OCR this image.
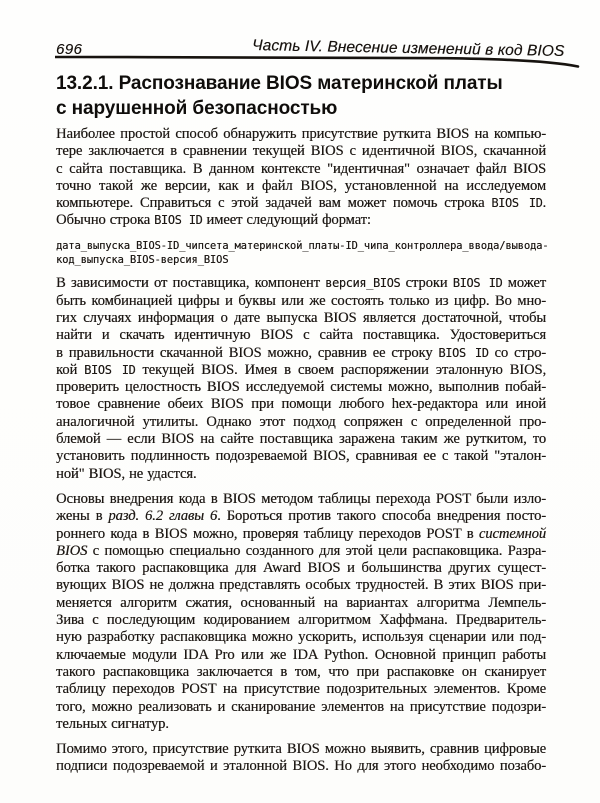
696	Часть IV. Внесение изменений в код BIOS
13.2.1. Распознавание BIOS материнской платы
с нарушенной безопасностью
Наиболее простой способ обнаружить присутствие руткита BIOS на компью-
тере заключается в сравнении текущей BIOS с идентичной BIOS, скачанной
с сайта поставщика. В данном контексте "идентичная" означает файл BIOS
точно такой же версии, как и файл BIOS, установленной на исследуемом
компьютере. Справиться с этой задачей вам может помочь строка BIOS ID.
Обычно строка BIOS ID имеет следующий формат:
дата_выпуска_BIOS-ID_чипсета_материнской_платы-ID_чипа_контроллера_ввода/вывода-
код_выпуска_BIOS-версия_BIOS
В зависимости от поставщика, компонент версия_BIOS строки BIOS ID может
быть комбинацией цифры и буквы или же состоять только из цифр. Во мно-
гих случаях информация о дате выпуска BIOS является достаточной, чтобы
найти и скачать идентичную BIOS с сайта поставщика. Удостовериться
в правильности скачанной BIOS можно, сравнив ее строку BIOS ID со стро-
кой BIOS ID текущей BIOS. Имея в своем распоряжении эталонную BIOS,
проверить целостность BIOS исследуемой системы можно, выполнив побай-
товое сравнение обеих BIOS при помощи любого hex-редактора или иной
аналогичной утилиты. Однако этот подход сопряжен с определенной про-
блемой — если BIOS на сайте поставщика заражена таким же руткитом, то
установить подлинность подозреваемой BIOS, сравнивая ее с такой "эталон-
ной" BIOS, не удастся.
Основы внедрения кода в BIOS методом таблицы перехода POST были изло-
жены в разд. 6.2 главы 6. Бороться против такого способа внедрения посто-
роннего кода в BIOS можно, проверяя таблицу переходов POST в системной
BIOS с помощью специально созданного для этой цели распаковщика. Разра-
ботка такого распаковщика для Award BIOS и большинства других сущест-
вующих BIOS не должна представлять особых трудностей. В этих BIOS при-
меняется алгоритм сжатия, основанный на вариантах алгоритма Лемпель-
Зива с последующим кодированием алгоритмом Хаффмана. Предваритель-
ную разработку распаковщика можно ускорить, используя сценарии или под-
ключаемые модули IDA Pro или же IDA Python. Основной принцип работы
такого распаковщика заключается в том, что при распаковке он сканирует
таблицу переходов POST на присутствие подозрительных элементов. Кроме
того, можно реализовать и сканирование элементов на присутствие подозри-
тельных сигнатур.
Помимо этого, присутствие руткита BIOS можно выявить, сравнив цифровые
подписи подозреваемой и эталонной BIOS. Но для этого необходимо позабо-
